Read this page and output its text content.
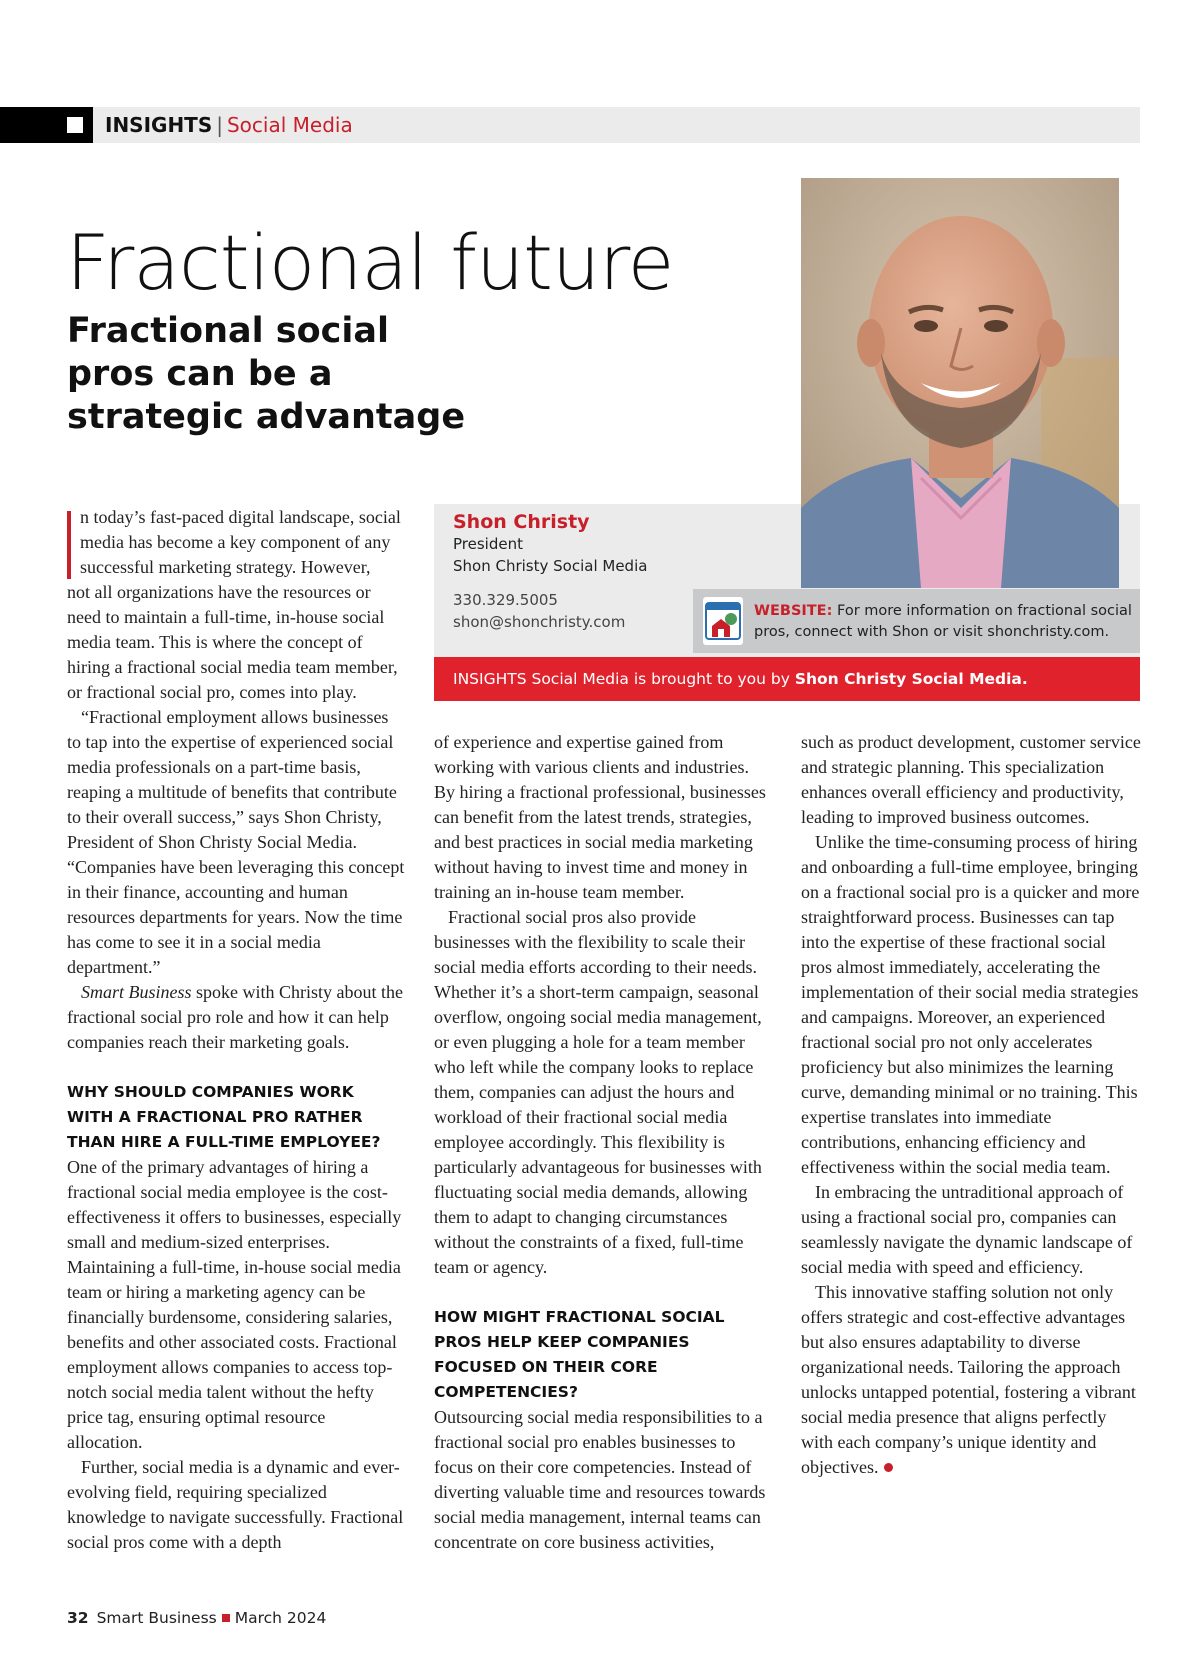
INSIGHTS | Social Media
Fractional future
Fractional social pros can be a strategic advantage
Shon Christy
President
Shon Christy Social Media
330.329.5005
shon@shonchristy.com
WEBSITE: For more information on fractional social pros, connect with Shon or visit shonchristy.com.
INSIGHTS Social Media is brought to you by Shon Christy Social Media.

n today’s fast-paced digital landscape, social media has become a key component of any successful marketing strategy. However,

not all organizations have the resources or need to maintain a full-time, in-house social media team. This is where the concept of hiring a fractional social media team member, or fractional social pro, comes into play.

“Fractional employment allows businesses to tap into the expertise of experienced social media professionals on a part-time basis, reaping a multitude of benefits that contribute to their overall success,” says Shon Christy, President of Shon Christy Social Media. “Companies have been leveraging this concept in their finance, accounting and human resources departments for years. Now the time has come to see it in a social media department.”

Smart Business spoke with Christy about the fractional social pro role and how it can help companies reach their marketing goals.

WHY SHOULD COMPANIES WORK WITH A FRACTIONAL PRO RATHER THAN HIRE A FULL-TIME EMPLOYEE?

One of the primary advantages of hiring a fractional social media employee is the cost-effectiveness it offers to businesses, especially small and medium-sized enterprises. Maintaining a full-time, in-house social media team or hiring a marketing agency can be financially burdensome, considering salaries, benefits and other associated costs. Fractional employment allows companies to access top-notch social media talent without the hefty price tag, ensuring optimal resource allocation.

Further, social media is a dynamic and ever-evolving field, requiring specialized knowledge to navigate successfully. Fractional social pros come with a depth

of experience and expertise gained from working with various clients and industries. By hiring a fractional professional, businesses can benefit from the latest trends, strategies, and best practices in social media marketing without having to invest time and money in training an in-house team member.

Fractional social pros also provide businesses with the flexibility to scale their social media efforts according to their needs. Whether it’s a short-term campaign, seasonal overflow, ongoing social media management, or even plugging a hole for a team member who left while the company looks to replace them, companies can adjust the hours and workload of their fractional social media employee accordingly. This flexibility is particularly advantageous for businesses with fluctuating social media demands, allowing them to adapt to changing circumstances without the constraints of a fixed, full-time team or agency.

HOW MIGHT FRACTIONAL SOCIAL PROS HELP KEEP COMPANIES FOCUSED ON THEIR CORE COMPETENCIES?

Outsourcing social media responsibilities to a fractional social pro enables businesses to focus on their core competencies. Instead of diverting valuable time and resources towards social media management, internal teams can concentrate on core business activities,

such as product development, customer service and strategic planning. This specialization enhances overall efficiency and productivity, leading to improved business outcomes.

Unlike the time-consuming process of hiring and onboarding a full-time employee, bringing on a fractional social pro is a quicker and more straightforward process. Businesses can tap into the expertise of these fractional social pros almost immediately, accelerating the implementation of their social media strategies and campaigns. Moreover, an experienced fractional social pro not only accelerates proficiency but also minimizes the learning curve, demanding minimal or no training. This expertise translates into immediate contributions, enhancing efficiency and effectiveness within the social media team.

In embracing the untraditional approach of using a fractional social pro, companies can seamlessly navigate the dynamic landscape of social media with speed and efficiency.

This innovative staffing solution not only offers strategic and cost-effective advantages but also ensures adaptability to diverse organizational needs. Tailoring the approach unlocks untapped potential, fostering a vibrant social media presence that aligns perfectly with each company’s unique identity and objectives.

32 Smart Business March 2024
